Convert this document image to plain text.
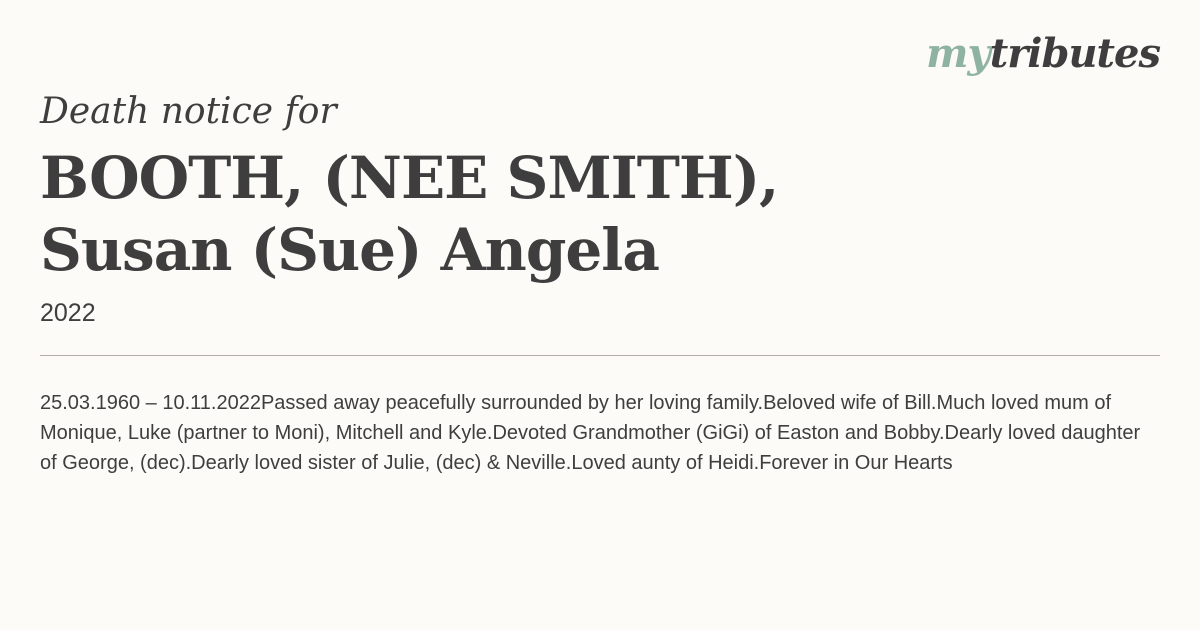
mytributes

Death notice for

BOOTH, (NEE SMITH),
Susan (Sue) Angela
2022

25.03.1960 – 10.11.2022Passed away peacefully surrounded by her loving family.Beloved wife of Bill.Much loved mum of Monique, Luke (partner to Moni), Mitchell and Kyle.Devoted Grandmother (GiGi) of Easton and Bobby.Dearly loved daughter of George, (dec).Dearly loved sister of Julie, (dec) & Neville.Loved aunty of Heidi.Forever in Our Hearts
